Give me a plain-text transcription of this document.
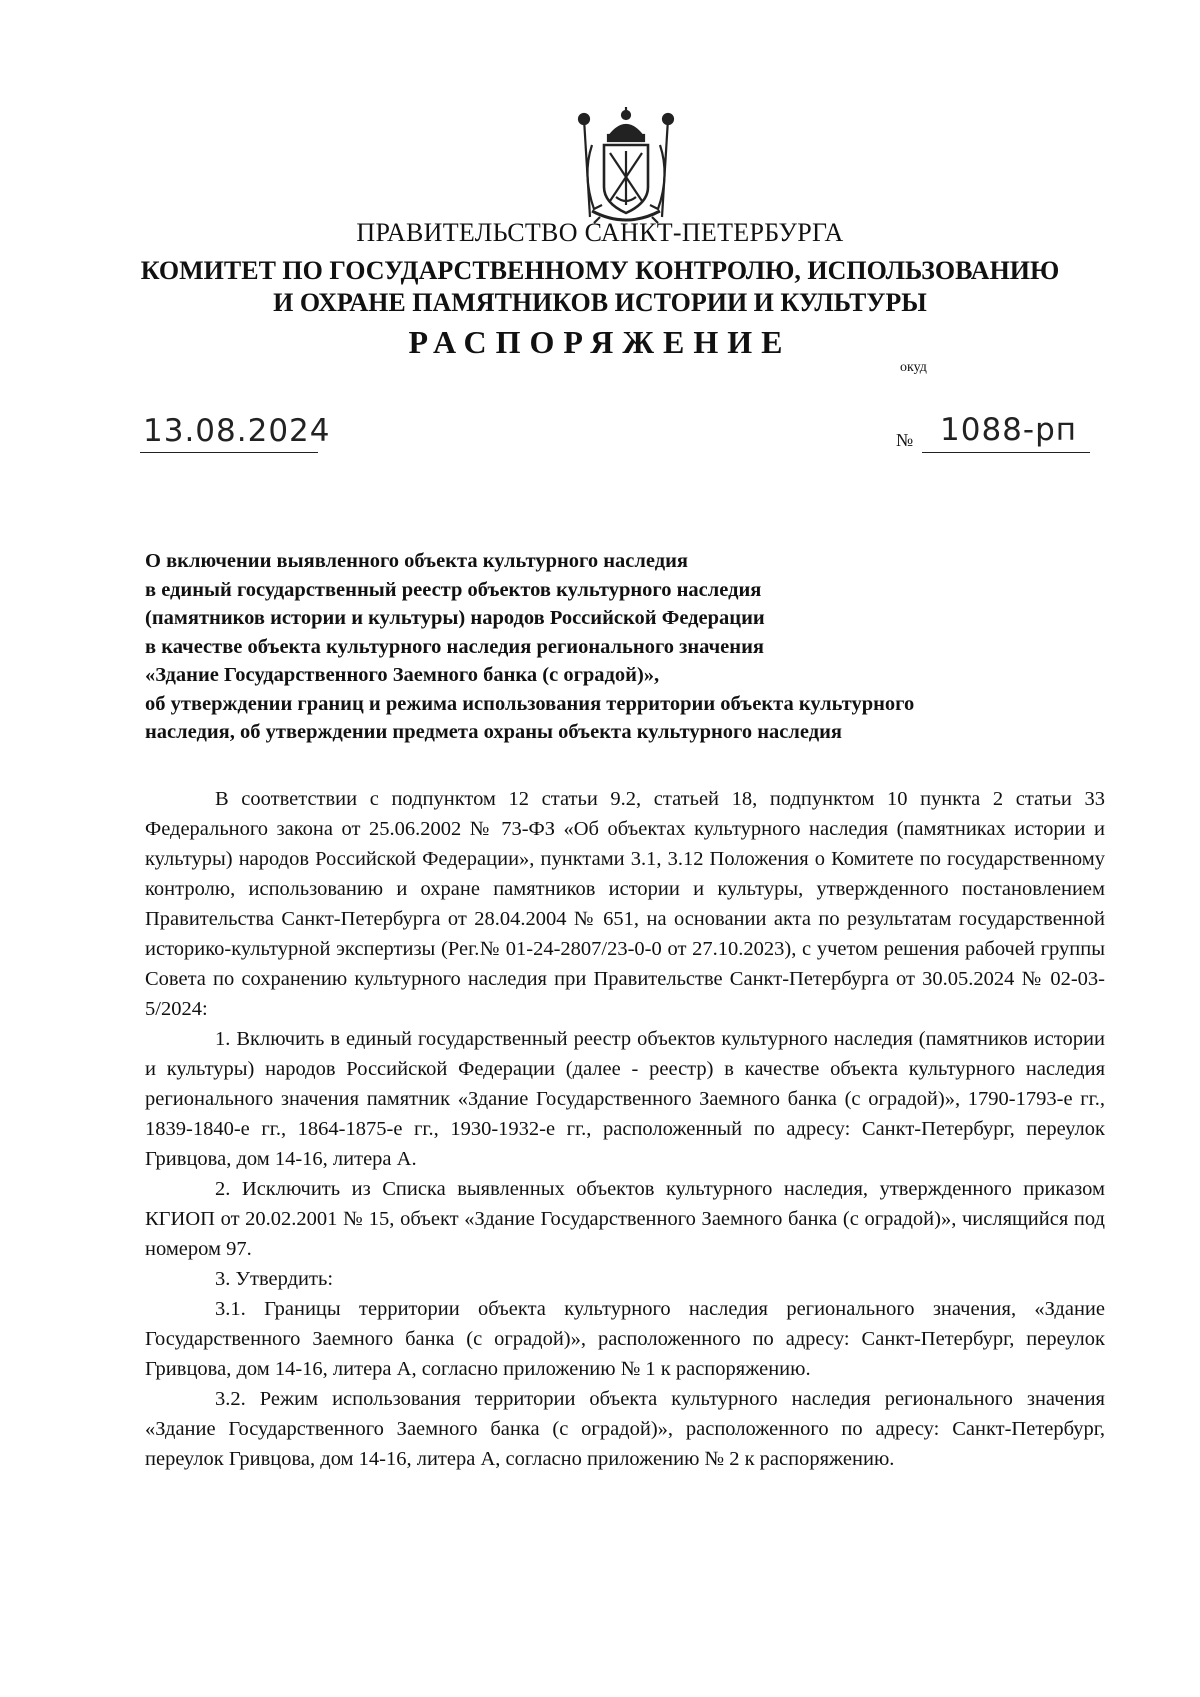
ПРАВИТЕЛЬСТВО САНКТ-ПЕТЕРБУРГА
КОМИТЕТ ПО ГОСУДАРСТВЕННОМУ КОНТРОЛЮ, ИСПОЛЬЗОВАНИЮ
И ОХРАНЕ ПАМЯТНИКОВ ИСТОРИИ И КУЛЬТУРЫ
РАСПОРЯЖЕНИЕ
окуд
13.08.2024	№ 1088-рп
О включении выявленного объекта культурного наследия
в единый государственный реестр объектов культурного наследия
(памятников истории и культуры) народов Российской Федерации
в качестве объекта культурного наследия регионального значения
«Здание Государственного Заемного банка (с оградой)»,
об утверждении границ и режима использования территории объекта культурного
наследия, об утверждении предмета охраны объекта культурного наследия

В соответствии с подпунктом 12 статьи 9.2, статьей 18, подпунктом 10 пункта 2 статьи 33 Федерального закона от 25.06.2002 № 73-ФЗ «Об объектах культурного наследия (памятниках истории и культуры) народов Российской Федерации», пунктами 3.1, 3.12 Положения о Комитете по государственному контролю, использованию и охране памятников истории и культуры, утвержденного постановлением Правительства Санкт-Петербурга от 28.04.2004 № 651, на основании акта по результатам государственной историко-культурной экспертизы (Рег.№ 01-24-2807/23-0-0 от 27.10.2023), с учетом решения рабочей группы Совета по сохранению культурного наследия при Правительстве Санкт-Петербурга от 30.05.2024 № 02-03-5/2024:

1. Включить в единый государственный реестр объектов культурного наследия (памятников истории и культуры) народов Российской Федерации (далее - реестр) в качестве объекта культурного наследия регионального значения памятник «Здание Государственного Заемного банка (с оградой)», 1790-1793-е гг., 1839-1840-е гг., 1864-1875-е гг., 1930-1932-е гг., расположенный по адресу: Санкт-Петербург, переулок Гривцова, дом 14-16, литера А.

2. Исключить из Списка выявленных объектов культурного наследия, утвержденного приказом КГИОП от 20.02.2001 № 15, объект «Здание Государственного Заемного банка (с оградой)», числящийся под номером 97.

3. Утвердить:

3.1. Границы территории объекта культурного наследия регионального значения, «Здание Государственного Заемного банка (с оградой)», расположенного по адресу: Санкт-Петербург, переулок Гривцова, дом 14-16, литера А, согласно приложению № 1 к распоряжению.

3.2. Режим использования территории объекта культурного наследия регионального значения «Здание Государственного Заемного банка (с оградой)», расположенного по адресу: Санкт-Петербург, переулок Гривцова, дом 14-16, литера А, согласно приложению № 2 к распоряжению.
